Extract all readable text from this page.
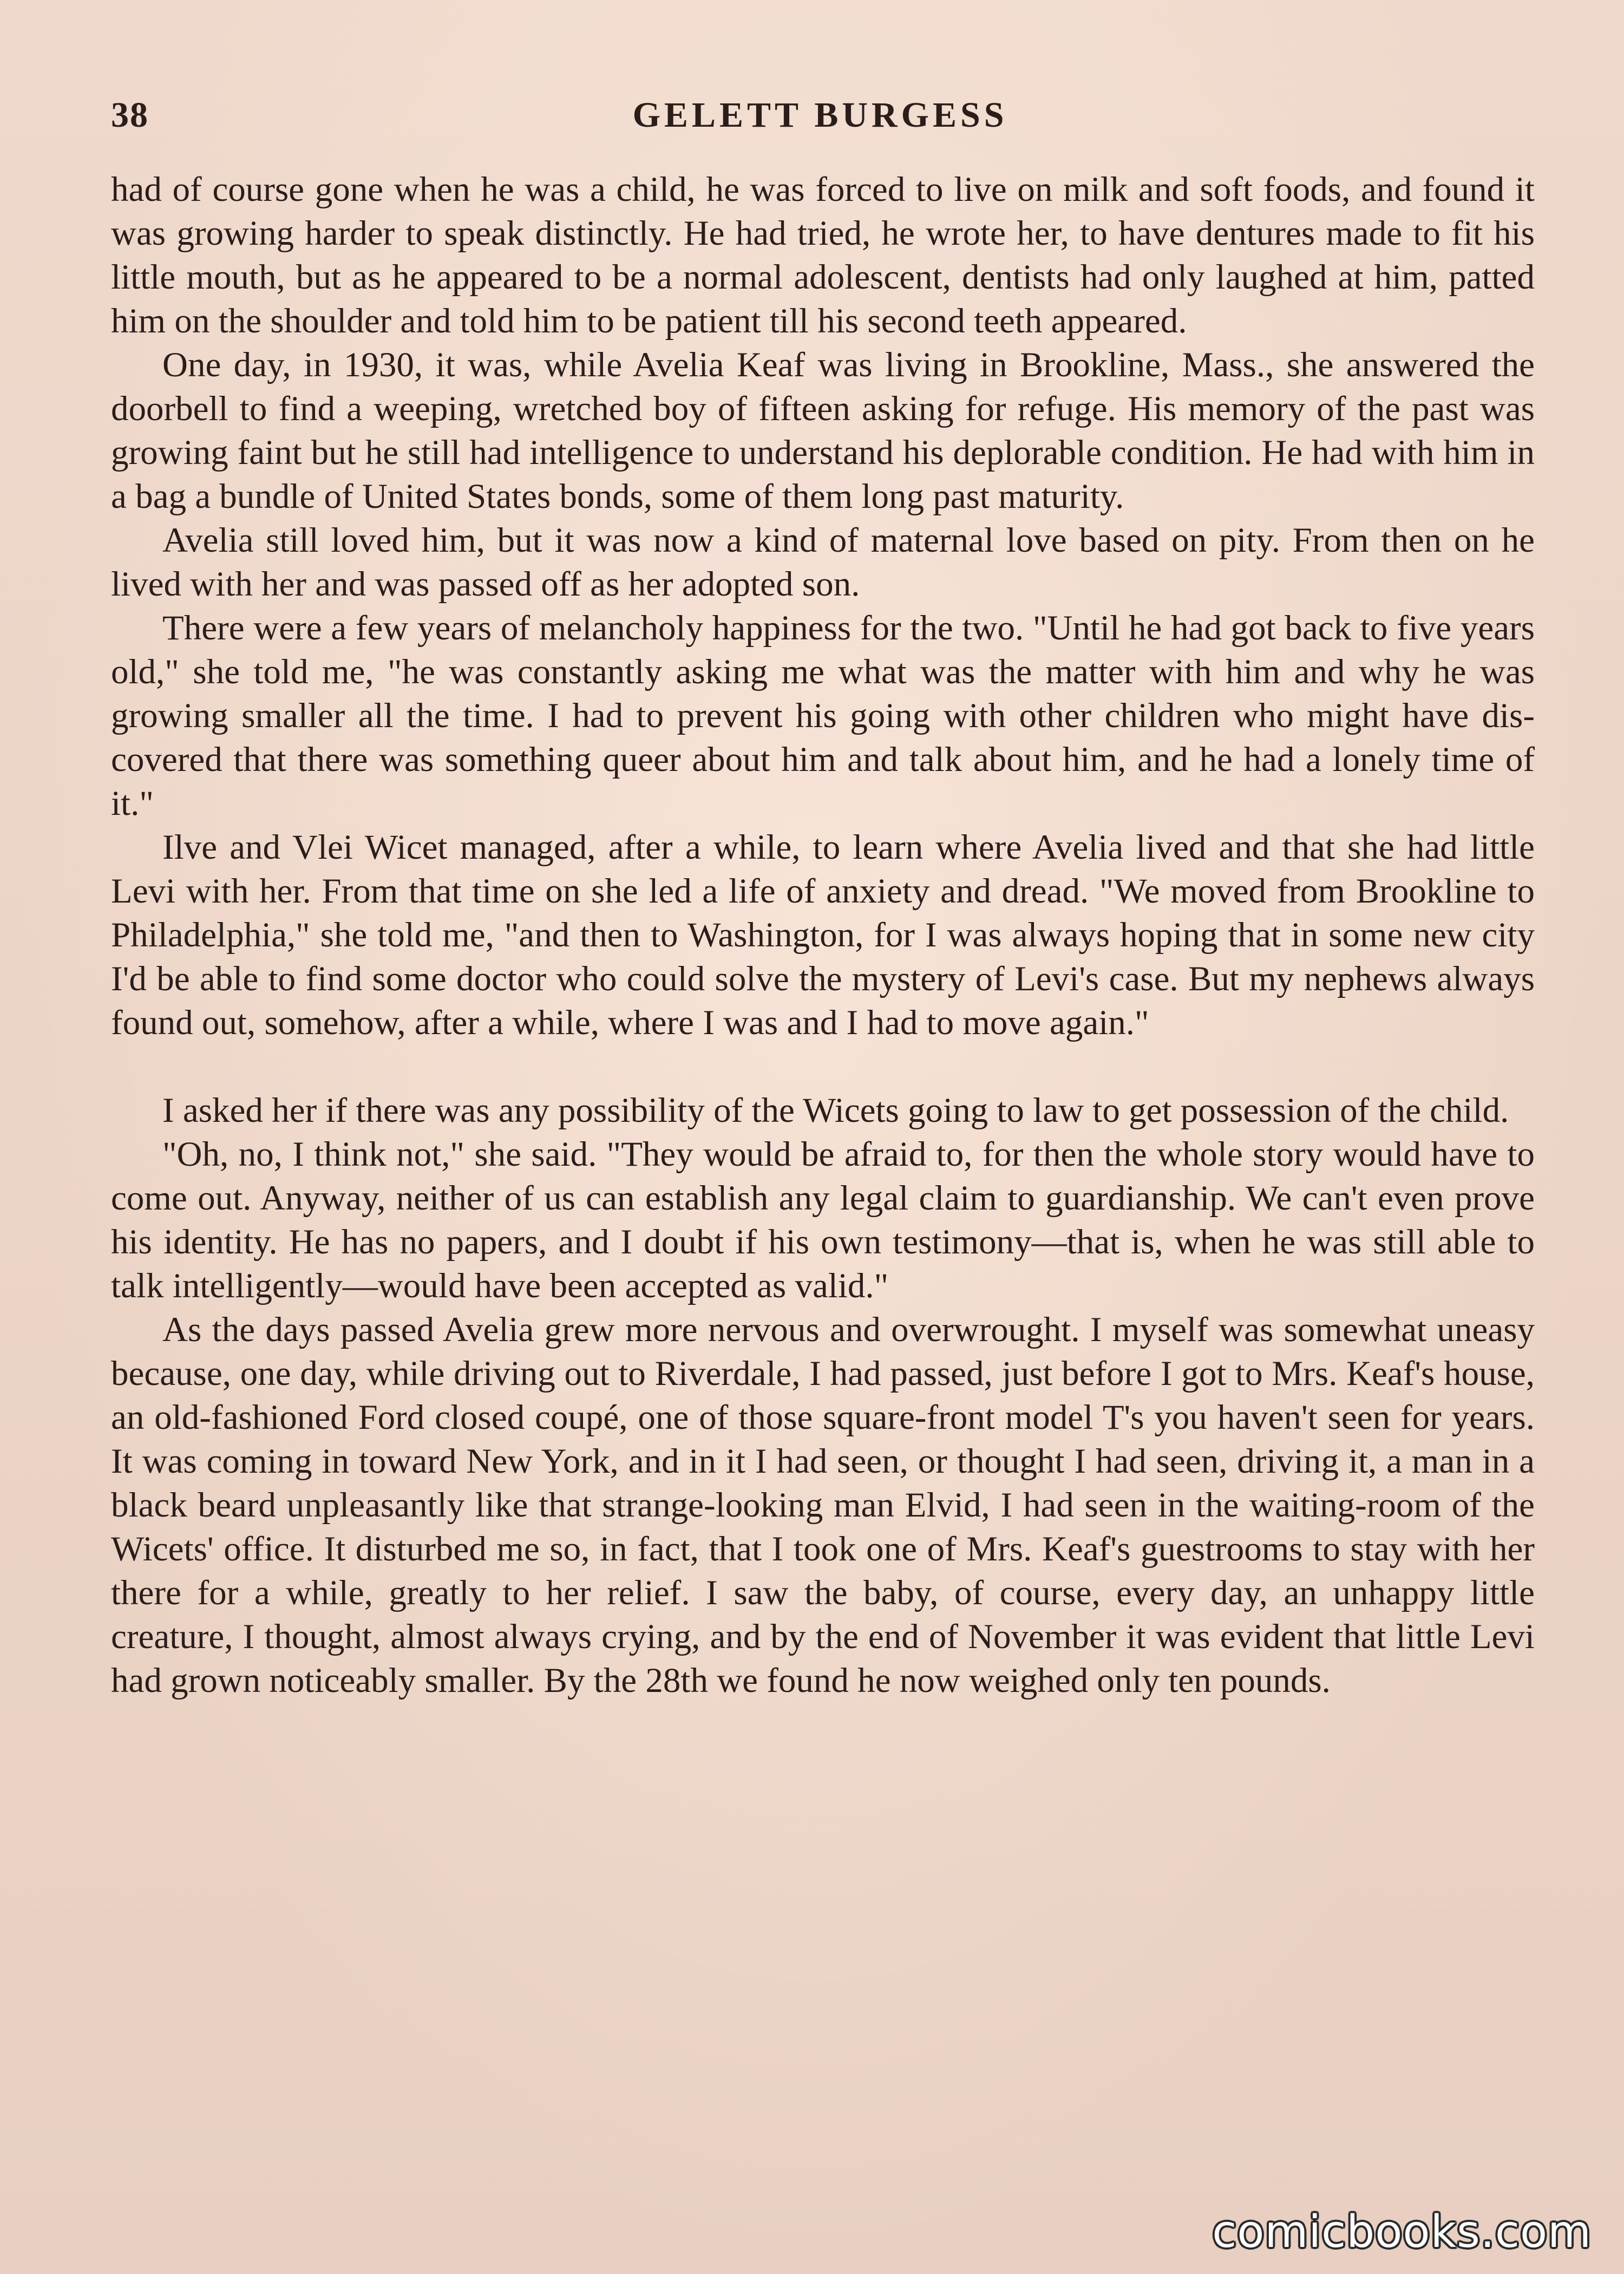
38	GELETT BURGESS

had of course gone when he was a child, he was forced to live on milk and soft foods, and found it was growing harder to speak distinctly. He had tried, he wrote her, to have dentures made to fit his little mouth, but as he appeared to be a normal adolescent, dentists had only laughed at him, patted him on the shoulder and told him to be patient till his second teeth appeared.

One day, in 1930, it was, while Avelia Keaf was living in Brookline, Mass., she answered the doorbell to find a weeping, wretched boy of fifteen asking for refuge. His memory of the past was growing faint but he still had intelligence to understand his deplorable condition. He had with him in a bag a bundle of United States bonds, some of them long past maturity.

Avelia still loved him, but it was now a kind of maternal love based on pity. From then on he lived with her and was passed off as her adopted son.

There were a few years of melancholy happiness for the two. "Until he had got back to five years old," she told me, "he was constantly asking me what was the matter with him and why he was growing smaller all the time. I had to prevent his going with other children who might have discovered that there was something queer about him and talk about him, and he had a lonely time of it."

Ilve and Vlei Wicet managed, after a while, to learn where Avelia lived and that she had little Levi with her. From that time on she led a life of anxiety and dread. "We moved from Brookline to Philadelphia," she told me, "and then to Washington, for I was always hoping that in some new city I'd be able to find some doctor who could solve the mystery of Levi's case. But my nephews always found out, somehow, after a while, where I was and I had to move again."

I asked her if there was any possibility of the Wicets going to law to get possession of the child.

"Oh, no, I think not," she said. "They would be afraid to, for then the whole story would have to come out. Anyway, neither of us can establish any legal claim to guardianship. We can't even prove his identity. He has no papers, and I doubt if his own testimony—that is, when he was still able to talk intelligently—would have been accepted as valid."

As the days passed Avelia grew more nervous and overwrought. I myself was somewhat uneasy because, one day, while driving out to Riverdale, I had passed, just before I got to Mrs. Keaf's house, an old-fashioned Ford closed coupé, one of those square-front model T's you haven't seen for years. It was coming in toward New York, and in it I had seen, or thought I had seen, driving it, a man in a black beard unpleasantly like that strange-looking man Elvid, I had seen in the waiting-room of the Wicets' office. It disturbed me so, in fact, that I took one of Mrs. Keaf's guestrooms to stay with her there for a while, greatly to her relief. I saw the baby, of course, every day, an unhappy little creature, I thought, almost always crying, and by the end of November it was evident that little Levi had grown noticeably smaller. By the 28th we found he now weighed only ten pounds.

comicbooks.com
